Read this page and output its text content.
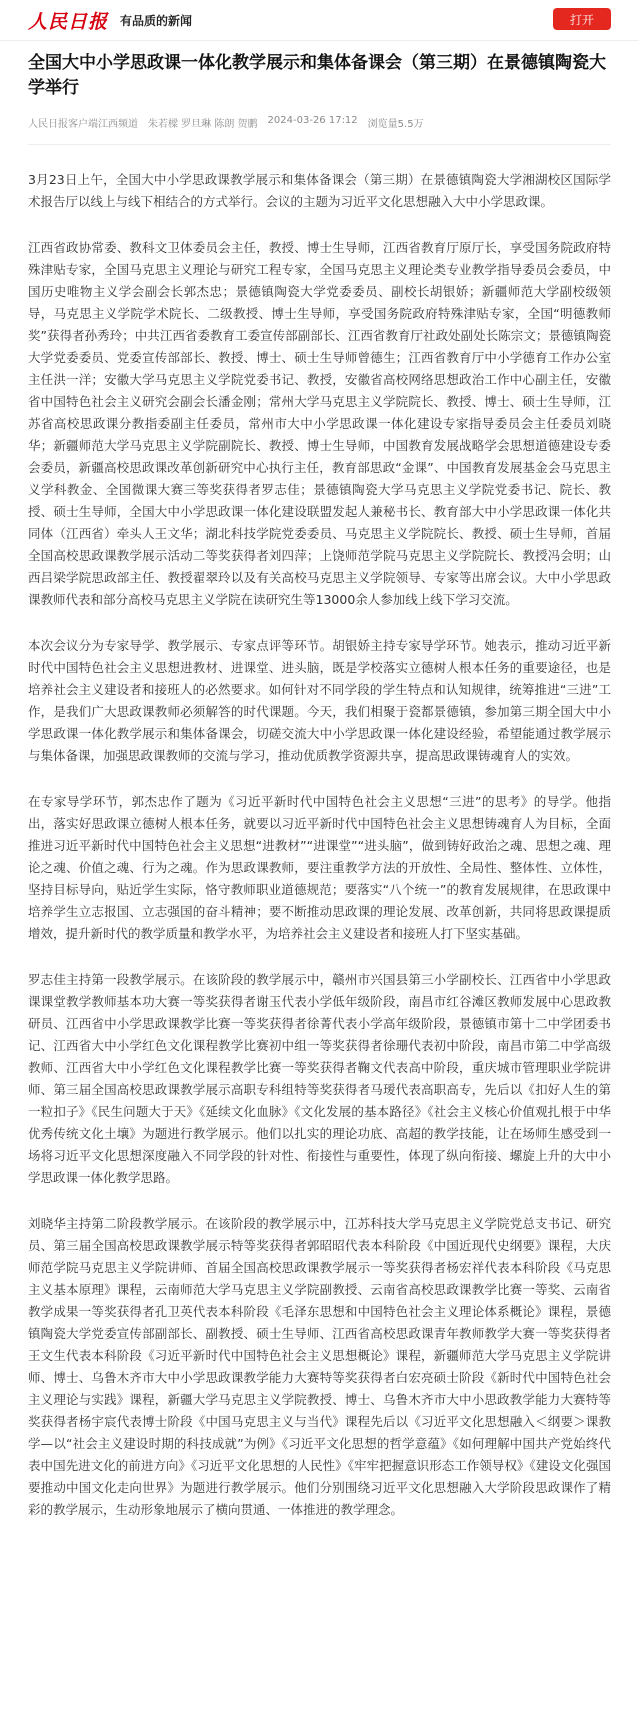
人民日报 有品质的新闻	打开
全国大中小学思政课一体化教学展示和集体备课会（第三期）在景德镇陶瓷大学举行
人民日报客户端江西频道 朱若樑 罗旦琳 陈朗 贺鹏 2024-03-26 17:12 浏览量5.5万

3月23日上午，全国大中小学思政课教学展示和集体备课会（第三期）在景德镇陶瓷大学湘湖校区国际学术报告厅以线上与线下相结合的方式举行。会议的主题为习近平文化思想融入大中小学思政课。

江西省政协常委、教科文卫体委员会主任，教授、博士生导师，江西省教育厅原厅长，享受国务院政府特殊津贴专家，全国马克思主义理论与研究工程专家，全国马克思主义理论类专业教学指导委员会委员，中国历史唯物主义学会副会长郭杰忠；景德镇陶瓷大学党委委员、副校长胡银娇；新疆师范大学副校级领导，马克思主义学院学术院长、二级教授、博士生导师，享受国务院政府特殊津贴专家，全国“明德教师奖”获得者孙秀玲；中共江西省委教育工委宣传部副部长、江西省教育厅社政处副处长陈宗文；景德镇陶瓷大学党委委员、党委宣传部部长、教授、博士、硕士生导师曾德生；江西省教育厅中小学德育工作办公室主任洪一洋；安徽大学马克思主义学院党委书记、教授，安徽省高校网络思想政治工作中心副主任，安徽省中国特色社会主义研究会副会长潘金刚；常州大学马克思主义学院院长、教授、博士、硕士生导师，江苏省高校思政课分教指委副主任委员，常州市大中小学思政课一体化建设专家指导委员会主任委员刘晓华；新疆师范大学马克思主义学院副院长、教授、博士生导师，中国教育发展战略学会思想道德建设专委会委员，新疆高校思政课改革创新研究中心执行主任，教育部思政“金课”、中国教育发展基金会马克思主义学科教金、全国微课大赛三等奖获得者罗志佳；景德镇陶瓷大学马克思主义学院党委书记、院长、教授、硕士生导师，全国大中小学思政课一体化建设联盟发起人兼秘书长、教育部大中小学思政课一体化共同体（江西省）牵头人王文华；湖北科技学院党委委员、马克思主义学院院长、教授、硕士生导师，首届全国高校思政课教学展示活动二等奖获得者刘四萍；上饶师范学院马克思主义学院院长、教授冯会明；山西吕梁学院思政部主任、教授翟翠玲以及有关高校马克思主义学院领导、专家等出席会议。大中小学思政课教师代表和部分高校马克思主义学院在读研究生等13000余人参加线上线下学习交流。

本次会议分为专家导学、教学展示、专家点评等环节。胡银娇主持专家导学环节。她表示，推动习近平新时代中国特色社会主义思想进教材、进课堂、进头脑，既是学校落实立德树人根本任务的重要途径，也是培养社会主义建设者和接班人的必然要求。如何针对不同学段的学生特点和认知规律，统筹推进“三进”工作，是我们广大思政课教师必须解答的时代课题。今天，我们相聚于瓷都景德镇，参加第三期全国大中小学思政课一体化教学展示和集体备课会，切磋交流大中小学思政课一体化建设经验，希望能通过教学展示与集体备课，加强思政课教师的交流与学习，推动优质教学资源共享，提高思政课铸魂育人的实效。

在专家导学环节，郭杰忠作了题为《习近平新时代中国特色社会主义思想“三进”的思考》的导学。他指出，落实好思政课立德树人根本任务，就要以习近平新时代中国特色社会主义思想铸魂育人为目标，全面推进习近平新时代中国特色社会主义思想“进教材”“进课堂”“进头脑”，做到铸好政治之魂、思想之魂、理论之魂、价值之魂、行为之魂。作为思政课教师，要注重教学方法的开放性、全局性、整体性、立体性，坚持目标导向，贴近学生实际，恪守教师职业道德规范；要落实“八个统一”的教育发展规律，在思政课中培养学生立志报国、立志强国的奋斗精神；要不断推动思政课的理论发展、改革创新，共同将思政课提质增效，提升新时代的教学质量和教学水平，为培养社会主义建设者和接班人打下坚实基础。

罗志佳主持第一段教学展示。在该阶段的教学展示中，赣州市兴国县第三小学副校长、江西省中小学思政课课堂教学教师基本功大赛一等奖获得者谢玉代表小学低年级阶段，南昌市红谷滩区教师发展中心思政教研员、江西省中小学思政课教学比赛一等奖获得者徐菁代表小学高年级阶段，景德镇市第十二中学团委书记、江西省大中小学红色文化课程教学比赛初中组一等奖获得者徐珊代表初中阶段，南昌市第二中学高级教师、江西省大中小学红色文化课程教学比赛一等奖获得者鞠文代表高中阶段，重庆城市管理职业学院讲师、第三届全国高校思政课教学展示高职专科组特等奖获得者马瑷代表高职高专，先后以《扣好人生的第一粒扣子》《民生问题大于天》《延续文化血脉》《文化发展的基本路径》《社会主义核心价值观扎根于中华优秀传统文化土壤》为题进行教学展示。他们以扎实的理论功底、高超的教学技能，让在场师生感受到一场将习近平文化思想深度融入不同学段的针对性、衔接性与重要性，体现了纵向衔接、螺旋上升的大中小学思政课一体化教学思路。

刘晓华主持第二阶段教学展示。在该阶段的教学展示中，江苏科技大学马克思主义学院党总支书记、研究员、第三届全国高校思政课教学展示特等奖获得者郭昭昭代表本科阶段《中国近现代史纲要》课程，大庆师范学院马克思主义学院讲师、首届全国高校思政课教学展示一等奖获得者杨宏祥代表本科阶段《马克思主义基本原理》课程，云南师范大学马克思主义学院副教授、云南省高校思政课教学比赛一等奖、云南省教学成果一等奖获得者孔卫英代表本科阶段《毛泽东思想和中国特色社会主义理论体系概论》课程，景德镇陶瓷大学党委宣传部副部长、副教授、硕士生导师、江西省高校思政课青年教师教学大赛一等奖获得者王文生代表本科阶段《习近平新时代中国特色社会主义思想概论》课程，新疆师范大学马克思主义学院讲师、博士、乌鲁木齐市大中小学思政课教学能力大赛特等奖获得者白宏亮硕士阶段《新时代中国特色社会主义理论与实践》课程，新疆大学马克思主义学院教授、博士、乌鲁木齐市大中小思政教学能力大赛特等奖获得者杨宇宸代表博士阶段《中国马克思主义与当代》课程先后以《习近平文化思想融入＜纲要＞课教学—以“社会主义建设时期的科技成就”为例》《习近平文化思想的哲学意蕴》《如何理解中国共产党始终代表中国先进文化的前进方向》《习近平文化思想的人民性》《牢牢把握意识形态工作领导权》《建设文化强国要推动中国文化走向世界》为题进行教学展示。他们分别围绕习近平文化思想融入大学阶段思政课作了精彩的教学展示，生动形象地展示了横向贯通、一体推进的教学理念。
